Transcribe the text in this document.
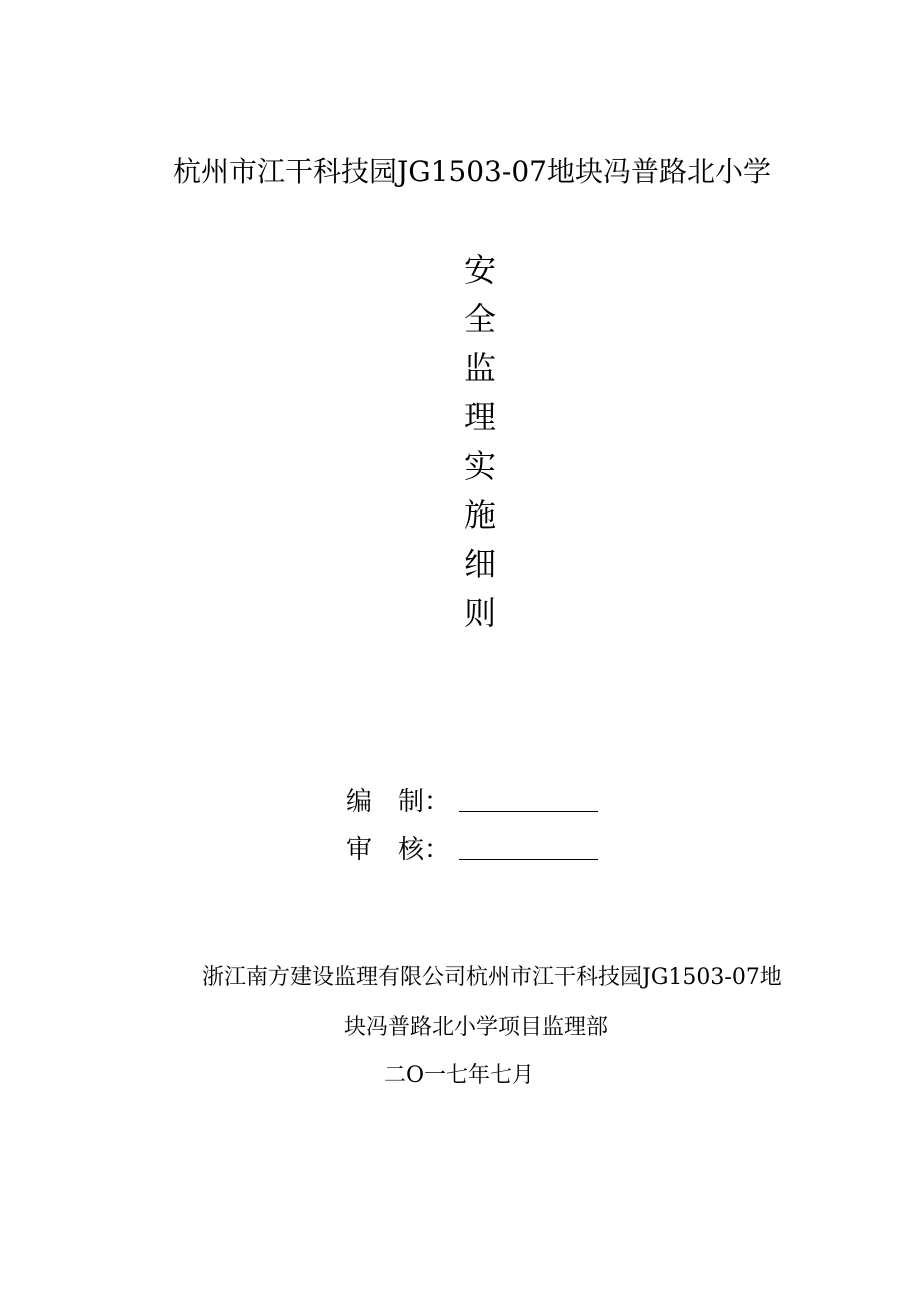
杭州市江干科技园JG1503-07地块冯普路北小学
安
全
监
理
实
施
细
则
编　制：
审　核：
浙江南方建设监理有限公司杭州市江干科技园JG1503-07地
块冯普路北小学项目监理部
二O一七年七月
